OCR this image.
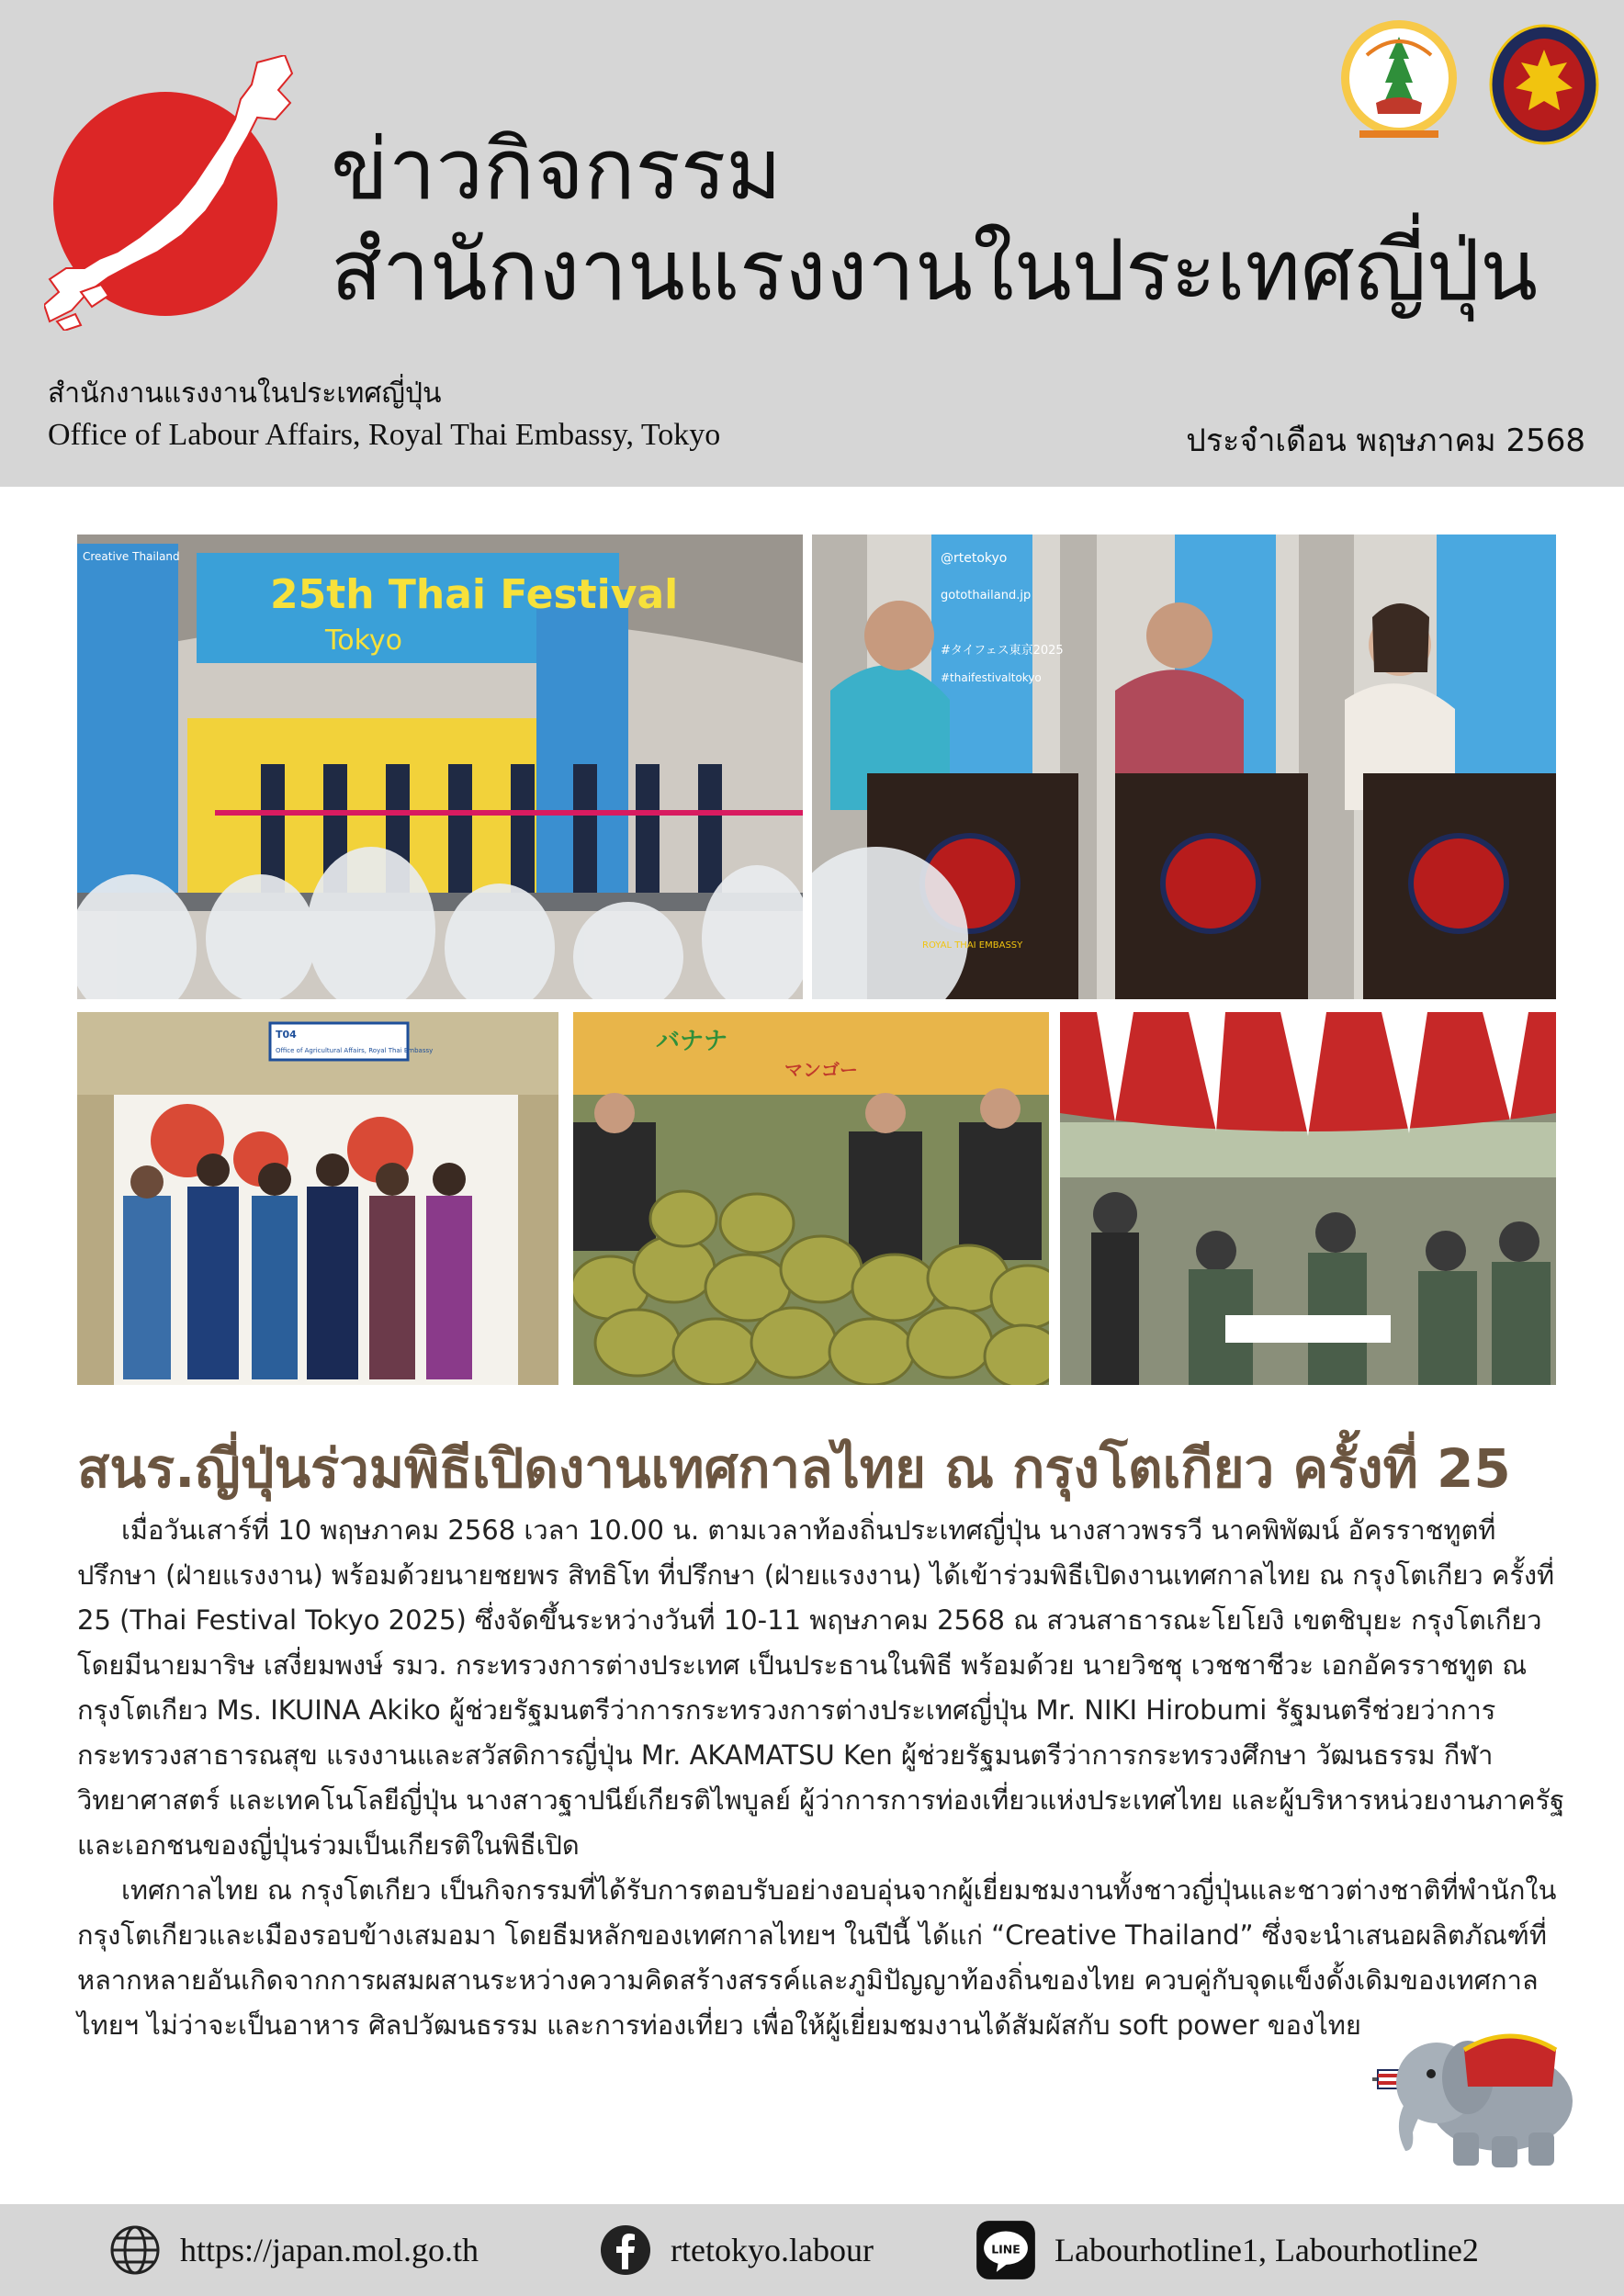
ข่าวกิจกรรม
สำนักงานแรงงานในประเทศญี่ปุ่น
สำนักงานแรงงานในประเทศญี่ปุ่น
Office of Labour Affairs, Royal Thai Embassy, Tokyo	ประจำเดือน พฤษภาคม 2568
25th Thai Festival
Tokyo
Creative Thailand	@rtetokyo
gotothailand.jp
#タイフェス東京2025
#thaifestivaltokyo
ROYAL THAI EMBASSY
T04
Office of Agricultural Affairs, Royal Thai Embassy	バナナ
マンゴー
สนร.ญี่ปุ่นร่วมพิธีเปิดงานเทศกาลไทย ณ กรุงโตเกียว ครั้งที่ 25

เมื่อวันเสาร์ที่ 10 พฤษภาคม 2568 เวลา 10.00 น. ตามเวลาท้องถิ่นประเทศญี่ปุ่น นางสาวพรรวี นาคพิพัฒน์ อัครราชทูตที่ปรึกษา (ฝ่ายแรงงาน) พร้อมด้วยนายชยพร สิทธิโท ที่ปรึกษา (ฝ่ายแรงงาน) ได้เข้าร่วมพิธีเปิดงานเทศกาลไทย ณ กรุงโตเกียว ครั้งที่ 25 (Thai Festival Tokyo 2025) ซึ่งจัดขึ้นระหว่างวันที่ 10-11 พฤษภาคม 2568 ณ สวนสาธารณะโยโยงิ เขตชิบุยะ กรุงโตเกียว โดยมีนายมาริษ เสงี่ยมพงษ์ รมว. กระทรวงการต่างประเทศ เป็นประธานในพิธี พร้อมด้วย นายวิชชุ เวชชาชีวะ เอกอัครราชทูต ณ กรุงโตเกียว Ms. IKUINA Akiko ผู้ช่วยรัฐมนตรีว่าการกระทรวงการต่างประเทศญี่ปุ่น Mr. NIKI Hirobumi รัฐมนตรีช่วยว่าการกระทรวงสาธารณสุข แรงงานและสวัสดิการญี่ปุ่น Mr. AKAMATSU Ken ผู้ช่วยรัฐมนตรีว่าการกระทรวงศึกษา วัฒนธรรม กีฬา วิทยาศาสตร์ และเทคโนโลยีญี่ปุ่น นางสาวฐาปนีย์เกียรติไพบูลย์ ผู้ว่าการการท่องเที่ยวแห่งประเทศไทย และผู้บริหารหน่วยงานภาครัฐและเอกชนของญี่ปุ่นร่วมเป็นเกียรติในพิธีเปิด

เทศกาลไทย ณ กรุงโตเกียว เป็นกิจกรรมที่ได้รับการตอบรับอย่างอบอุ่นจากผู้เยี่ยมชมงานทั้งชาวญี่ปุ่นและชาวต่างชาติที่พำนักในกรุงโตเกียวและเมืองรอบข้างเสมอมา โดยธีมหลักของเทศกาลไทยฯ ในปีนี้ ได้แก่ “Creative Thailand” ซึ่งจะนำเสนอผลิตภัณฑ์ที่หลากหลายอันเกิดจากการผสมผสานระหว่างความคิดสร้างสรรค์และภูมิปัญญาท้องถิ่นของไทย ควบคู่กับจุดแข็งดั้งเดิมของเทศกาลไทยฯ ไม่ว่าจะเป็นอาหาร ศิลปวัฒนธรรม และการท่องเที่ยว เพื่อให้ผู้เยี่ยมชมงานได้สัมผัสกับ soft power ของไทย

https://japan.mol.go.th	rtetokyo.labour	LINE Labourhotline1, Labourhotline2
